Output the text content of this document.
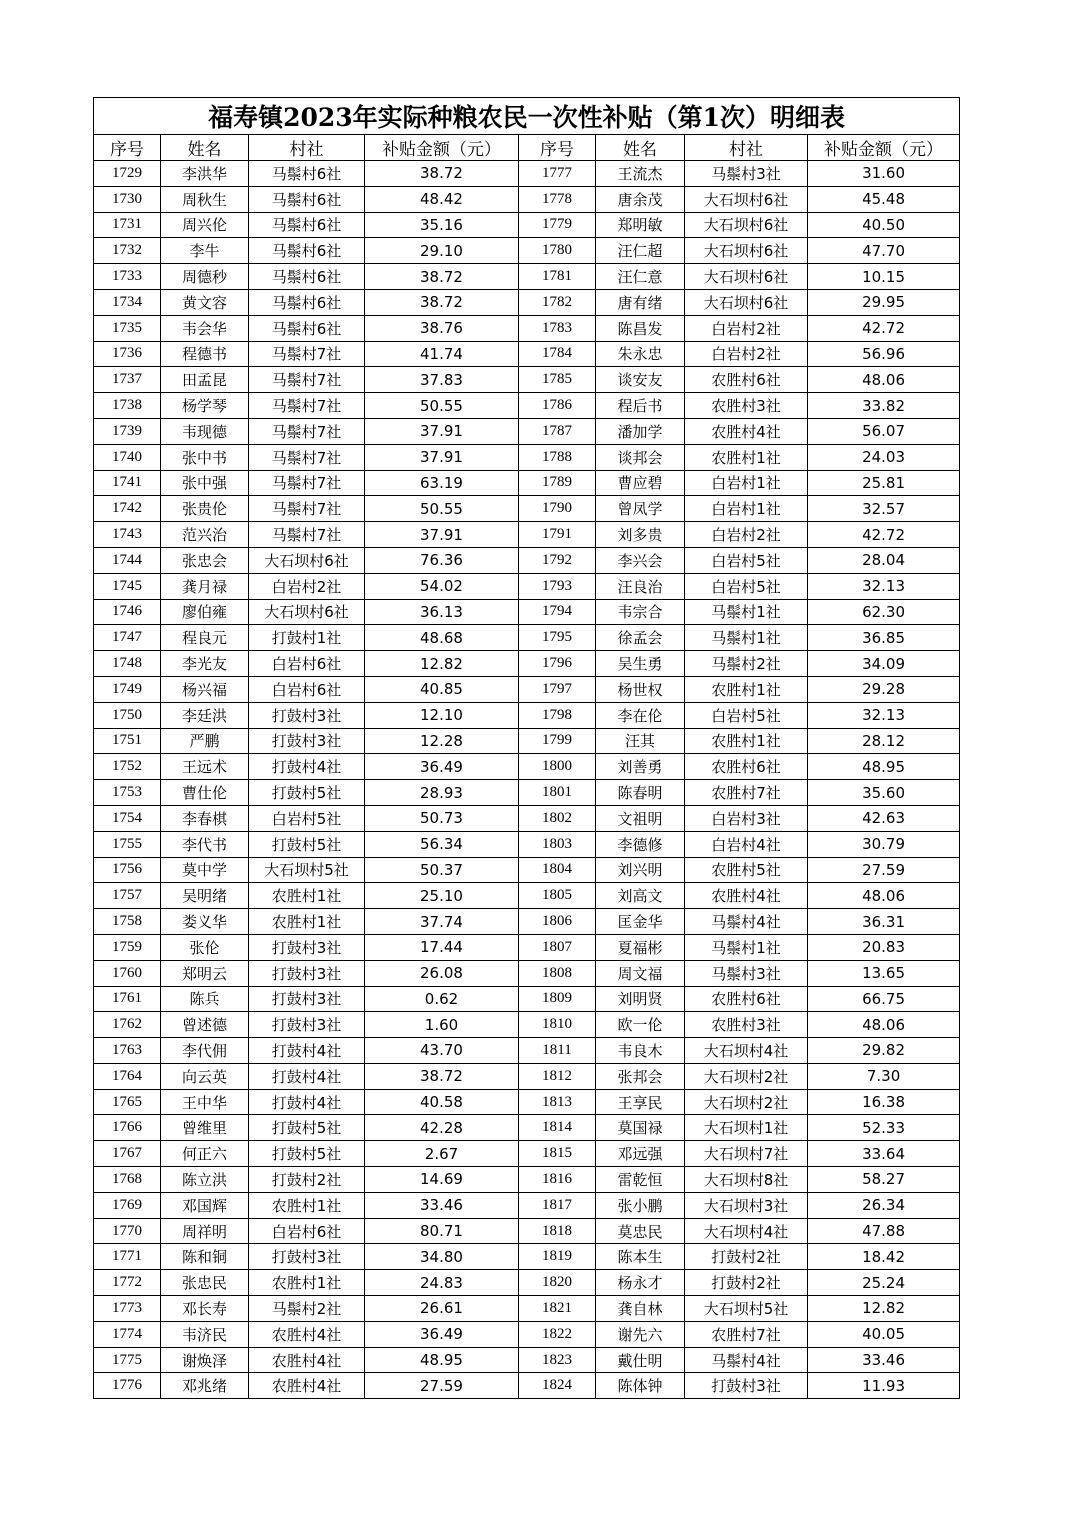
福寿镇2023年实际种粮农民一次性补贴（第1次）明细表							
序号	姓名	村社	补贴金额（元）	序号	姓名	村社	补贴金额（元）
1729	李洪华	马鬃村6社	38.72	1777	王流杰	马鬃村3社	31.60
1730	周秋生	马鬃村6社	48.42	1778	唐余茂	大石坝村6社	45.48
1731	周兴伦	马鬃村6社	35.16	1779	郑明敏	大石坝村6社	40.50
1732	李牛	马鬃村6社	29.10	1780	汪仁超	大石坝村6社	47.70
1733	周德秒	马鬃村6社	38.72	1781	汪仁意	大石坝村6社	10.15
1734	黄文容	马鬃村6社	38.72	1782	唐有绪	大石坝村6社	29.95
1735	韦会华	马鬃村6社	38.76	1783	陈昌发	白岩村2社	42.72
1736	程德书	马鬃村7社	41.74	1784	朱永忠	白岩村2社	56.96
1737	田孟昆	马鬃村7社	37.83	1785	谈安友	农胜村6社	48.06
1738	杨学琴	马鬃村7社	50.55	1786	程后书	农胜村3社	33.82
1739	韦现德	马鬃村7社	37.91	1787	潘加学	农胜村4社	56.07
1740	张中书	马鬃村7社	37.91	1788	谈邦会	农胜村1社	24.03
1741	张中强	马鬃村7社	63.19	1789	曹应碧	白岩村1社	25.81
1742	张贵伦	马鬃村7社	50.55	1790	曾凤学	白岩村1社	32.57
1743	范兴治	马鬃村7社	37.91	1791	刘多贵	白岩村2社	42.72
1744	张忠会	大石坝村6社	76.36	1792	李兴会	白岩村5社	28.04
1745	龚月禄	白岩村2社	54.02	1793	汪良治	白岩村5社	32.13
1746	廖伯雍	大石坝村6社	36.13	1794	韦宗合	马鬃村1社	62.30
1747	程良元	打鼓村1社	48.68	1795	徐孟会	马鬃村1社	36.85
1748	李光友	白岩村6社	12.82	1796	吴生勇	马鬃村2社	34.09
1749	杨兴福	白岩村6社	40.85	1797	杨世权	农胜村1社	29.28
1750	李廷洪	打鼓村3社	12.10	1798	李在伦	白岩村5社	32.13
1751	严鹏	打鼓村3社	12.28	1799	汪其	农胜村1社	28.12
1752	王远术	打鼓村4社	36.49	1800	刘善勇	农胜村6社	48.95
1753	曹仕伦	打鼓村5社	28.93	1801	陈春明	农胜村7社	35.60
1754	李春棋	白岩村5社	50.73	1802	文祖明	白岩村3社	42.63
1755	李代书	打鼓村5社	56.34	1803	李德修	白岩村4社	30.79
1756	莫中学	大石坝村5社	50.37	1804	刘兴明	农胜村5社	27.59
1757	吴明绪	农胜村1社	25.10	1805	刘高文	农胜村4社	48.06
1758	娄义华	农胜村1社	37.74	1806	匡金华	马鬃村4社	36.31
1759	张伦	打鼓村3社	17.44	1807	夏福彬	马鬃村1社	20.83
1760	郑明云	打鼓村3社	26.08	1808	周文福	马鬃村3社	13.65
1761	陈兵	打鼓村3社	0.62	1809	刘明贤	农胜村6社	66.75
1762	曾述德	打鼓村3社	1.60	1810	欧一伦	农胜村3社	48.06
1763	李代佣	打鼓村4社	43.70	1811	韦良木	大石坝村4社	29.82
1764	向云英	打鼓村4社	38.72	1812	张邦会	大石坝村2社	7.30
1765	王中华	打鼓村4社	40.58	1813	王享民	大石坝村2社	16.38
1766	曾维里	打鼓村5社	42.28	1814	莫国禄	大石坝村1社	52.33
1767	何正六	打鼓村5社	2.67	1815	邓远强	大石坝村7社	33.64
1768	陈立洪	打鼓村2社	14.69	1816	雷乾恒	大石坝村8社	58.27
1769	邓国辉	农胜村1社	33.46	1817	张小鹏	大石坝村3社	26.34
1770	周祥明	白岩村6社	80.71	1818	莫忠民	大石坝村4社	47.88
1771	陈和铜	打鼓村3社	34.80	1819	陈本生	打鼓村2社	18.42
1772	张忠民	农胜村1社	24.83	1820	杨永才	打鼓村2社	25.24
1773	邓长寿	马鬃村2社	26.61	1821	龚自林	大石坝村5社	12.82
1774	韦济民	农胜村4社	36.49	1822	谢先六	农胜村7社	40.05
1775	谢焕泽	农胜村4社	48.95	1823	戴仕明	马鬃村4社	33.46
1776	邓兆绪	农胜村4社	27.59	1824	陈体钟	打鼓村3社	11.93
